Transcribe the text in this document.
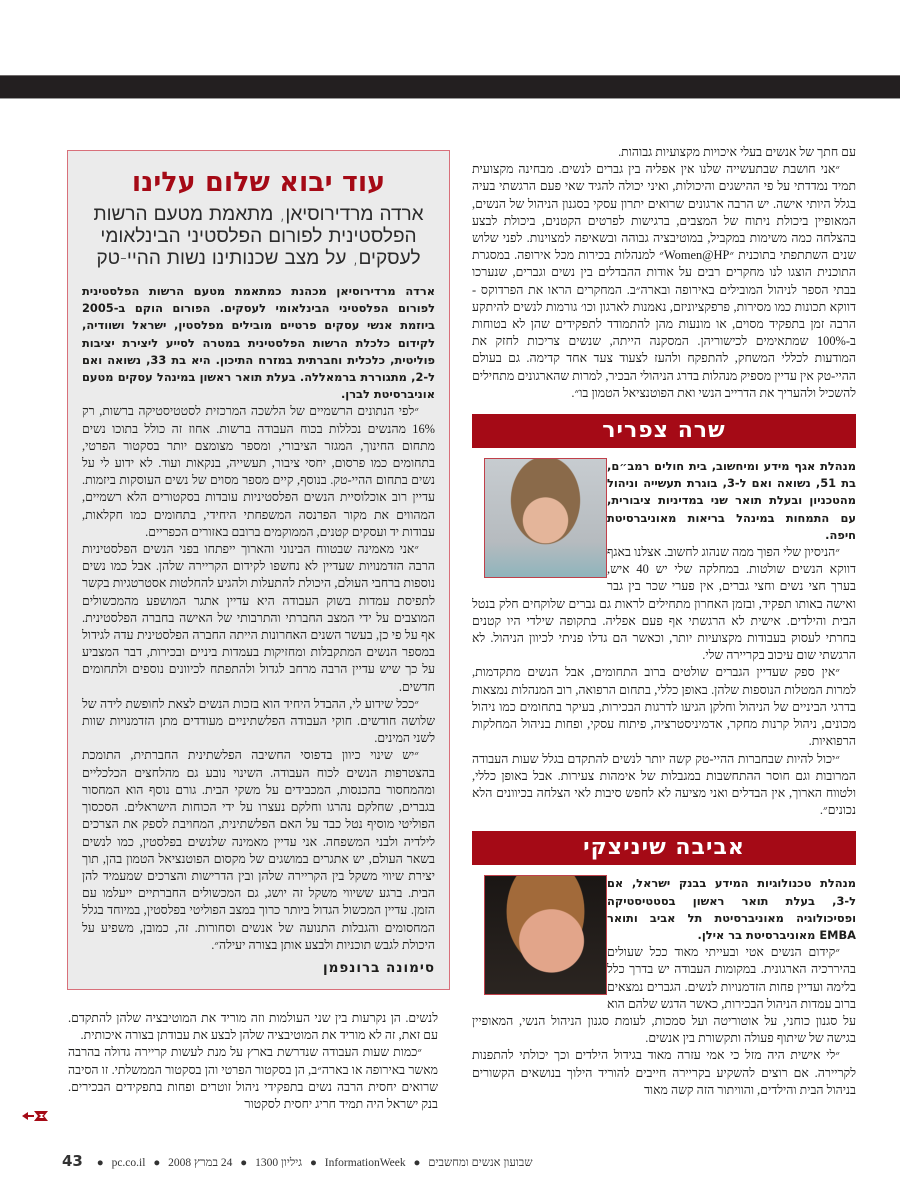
עם חתך של אנשים בעלי איכויות מקצועיות גבוהות.

״אני חושבת שבתעשייה שלנו אין אפליה בין גברים לנשים. מבחינה מקצועית תמיד נמדדתי על פי ההישגים והיכולות, ואיני יכולה להגיד שאי פעם הרגשתי בעיה בגלל היותי אישה. יש הרבה ארגונים שרואים יתרון עסקי בסגנון הניהול של הנשים, המאופיין ביכולת ניתוח של המצבים, ברגישות לפרטים הקטנים, ביכולת לבצע בהצלחה כמה משימות במקביל, במוטיבציה גבוהה ובשאיפה למצוינות. לפני שלוש שנים השתתפתי בתוכנית ״Women@HP״ למנהלות בכירות מכל אירופה. במסגרת התוכנית הוצגו לנו מחקרים רבים על אודות ההבדלים בין נשים וגברים, שנערכו בבתי הספר לניהול המובילים באירופה ובארה״ב. המחקרים הראו את הפרדוקס - דווקא תכונות כמו מסירות, פרפקציוניזם, נאמנות לארגון וכו׳ גורמות לנשים להיתקע הרבה זמן בתפקיד מסוים, או מונעות מהן להתמודד לתפקידים שהן לא בטוחות ב-100% שמתאימים לכישוריהן. המסקנה הייתה, שנשים צריכות לחזק את המודעות לכללי המשחק, להתפקח ולהעז לצעוד צעד אחד קדימה. גם בעולם ההיי-טק אין עדיין מספיק מנהלות בדרג הניהולי הבכיר, למרות שהארגונים מתחילים להשכיל ולהעריך את הדרייב הנשי ואת הפוטנציאל הטמון בו״.

שרה צפריר

מנהלת אגף מידע ומיחשוב, בית חולים רמב״ם, בת 51, נשואה ואם ל-3, בוגרת תעשייה וניהול מהטכניון ובעלת תואר שני במדיניות ציבורית, עם התמחות במינהל בריאות מאוניברסיטת חיפה.

״הניסיון שלי הפוך ממה שנהוג לחשוב. אצלנו באגף דווקא הנשים שולטות. במחלקה שלי יש 40 איש, בערך חצי נשים וחצי גברים, אין פערי שכר בין גבר ואישה באותו תפקיד, ובזמן האחרון מתחילים לראות גם גברים שלוקחים חלק בנטל הבית והילדים. אישית לא הרגשתי אף פעם אפליה. בתקופה שילדי היו קטנים בחרתי לעסוק בעבודות מקצועיות יותר, וכאשר הם גדלו פניתי לכיוון הניהול. לא הרגשתי שום עיכוב בקריירה שלי.

״אין ספק שעדיין הגברים שולטים ברוב התחומים, אבל הנשים מתקדמות, למרות המטלות הנוספות שלהן. באופן כללי, בתחום הרפואה, רוב המנהלות נמצאות בדרגי הביניים של הניהול וחלקן הגיעו לדרגות הבכירות, בעיקר בתחומים כמו ניהול מכונים, ניהול קרנות מחקר, אדמיניסטרציה, פיתוח עסקי, ופחות בניהול המחלקות הרפואיות.

״יכול להיות שבחברות ההיי-טק קשה יותר לנשים להתקדם בגלל שעות העבודה המרובות וגם חוסר ההתחשבות במגבלות של אימהות צעירות. אבל באופן כללי, ולטווח הארוך, אין הבדלים ואני מציעה לא לחפש סיבות לאי הצלחה בכיוונים הלא נכונים״.

אביבה שיניצקי

מנהלת טכנולוגיות המידע בבנק ישראל, אם ל-3, בעלת תואר ראשון בסטטיסטיקה ופסיכולוגיה מאוניברסיטת תל אביב ותואר EMBA מאוניברסיטת בר אילן.

״קידום הנשים אטי ובעייתי מאוד ככל שעולים בהיררכיה הארגונית. במקומות העבודה יש בדרך כלל בלימה ועדיין פחות הזדמנויות לנשים. הגברים נמצאים ברוב עמדות הניהול הבכירות, כאשר הדגש שלהם הוא על סגנון כוחני, על אוטוריטה ועל סמכות, לעומת סגנון הניהול הנשי, המאופיין בגישה של שיתוף פעולה ותקשורת בין אנשים.

״לי אישית היה מזל כי אמי עזרה מאוד בגידול הילדים וכך יכולתי להתפנות לקריירה. אם רוצים להשקיע בקריירה חייבים להוריד הילוך בנושאים הקשורים בניהול הבית והילדים, והוויתור הזה קשה מאוד

עוד יבוא שלום עלינו
ארדה מרדירוסיאן, מתאמת מטעם הרשות הפלסטינית לפורום הפלסטיני הבינלאומי לעסקים, על מצב שכנותינו נשות ההיי-טק

ארדה מרדירוסיאן מכהנת כמתאמת מטעם הרשות הפלסטינית לפורום הפלסטיני הבינלאומי לעסקים. הפורום הוקם ב-2005 ביוזמת אנשי עסקים פרטיים מובילים מפלסטין, ישראל ושוודיה, לקידום כלכלת הרשות הפלסטינית במטרה לסייע ליצירת יציבות פוליטית, כלכלית וחברתית במזרח התיכון. היא בת 33, נשואה ואם ל-2, מתגוררת ברמאללה. בעלת תואר ראשון במינהל עסקים מטעם אוניברסיטת לברן.

״לפי הנתונים הרשמיים של הלשכה המרכזית לסטטיסטיקה ברשות, רק 16% מהנשים נכללות בכוח העבודה ברשות. אחוז זה כולל בתוכו נשים מתחום החינוך, המגזר הציבורי, ומספר מצומצם יותר בסקטור הפרטי, בתחומים כמו פרסום, יחסי ציבור, תעשייה, בנקאות ועוד. לא ידוע לי על נשים בתחום ההיי-טק. בנוסף, קיים מספר מסוים של נשים העוסקות ביזמות. עדיין רוב אוכלוסיית הנשים הפלסטיניות עובדות בסקטורים הלא רשמיים, המהווים את מקור הפרנסה המשפחתי היחידי, בתחומים כמו חקלאות, עבודות יד ועסקים קטנים, הממוקמים ברובם באזורים הכפריים.

״אני מאמינה שבטווח הבינוני והארוך ייפתחו בפני הנשים הפלסטיניות הרבה הזדמנויות שעדיין לא נחשפו לקידום הקריירה שלהן. אבל כמו נשים נוספות ברחבי העולם, היכולת להתעלות ולהגיע להחלטות אסטרטגיות בקשר לתפיסת עמדות בשוק העבודה היא עדיין אתגר המושפע מהמכשולים המוצבים על ידי המצב החברתי והתרבותי של האישה בחברה הפלסטינית. אף על פי כן, בעשר השנים האחרונות הייתה החברה הפלסטינית עדה לגידול במספר הנשים המתקבלות ומחזיקות בעמדות ביניים ובכירות, דבר המצביע על כך שיש עדיין הרבה מרחב לגדול ולהתפתח לכיוונים נוספים ולתחומים חדשים.

״ככל שידוע לי, ההבדל היחיד הוא בזכות הנשים לצאת לחופשת לידה של שלושה חודשים. חוקי העבודה הפלשתיניים מעודדים מתן הזדמנויות שוות לשני המינים.

״יש שינוי כיוון בדפוסי החשיבה הפלשתינית החברתית, התומכת בהצטרפות הנשים לכוח העבודה. השינוי נובע גם מהלחצים הכלכליים ומהמחסור בהכנסות, המכבידים על משקי הבית. גורם נוסף הוא המחסור בגברים, שחלקם נהרגו וחלקם נעצרו על ידי הכוחות הישראלים. הסכסוך הפוליטי מוסיף נטל כבד על האם הפלשתינית, המחויבת לספק את הצרכים לילדיה ולבני המשפחה. אני עדיין מאמינה שלנשים בפלסטין, כמו לנשים בשאר העולם, יש אתגרים במושגים של מקסום הפוטנציאל הטמון בהן, תוך יצירת שיווי משקל בין הקריירה שלהן ובין הדרישות והצרכים שמעמיד להן הבית. ברגע ששיווי משקל זה יושג, גם המכשולים החברתיים ייעלמו עם הזמן. עדיין המכשול הגדול ביותר כרוך במצב הפוליטי בפלסטין, במיוחד בגלל המחסומים והגבלות התנועה של אנשים וסחורות. זה, כמובן, משפיע על היכולת לגבש תוכניות ולבצע אותן בצורה יעילה״.

סימונה ברונפמן

לנשים. הן נקרעות בין שני העולמות וזה מוריד את המוטיבציה שלהן להתקדם. עם זאת, זה לא מוריד את המוטיבציה שלהן לבצע את עבודתן בצורה איכותית.

״כמות שעות העבודה שנדרשת בארץ על מנת לעשות קריירה גדולה בהרבה מאשר באירופה או בארה״ב, הן בסקטור הפרטי והן בסקטור הממשלתי. זו הסיבה שרואים יחסית הרבה נשים בתפקידי ניהול זוטרים ופחות בתפקידים הבכירים. בנק ישראל היה תמיד חריג יחסית לסקטור

43 ● pc.co.il ● 24 במרץ 2008 ● גיליון 1300 ● InformationWeek ● שבועון אנשים ומחשבים
